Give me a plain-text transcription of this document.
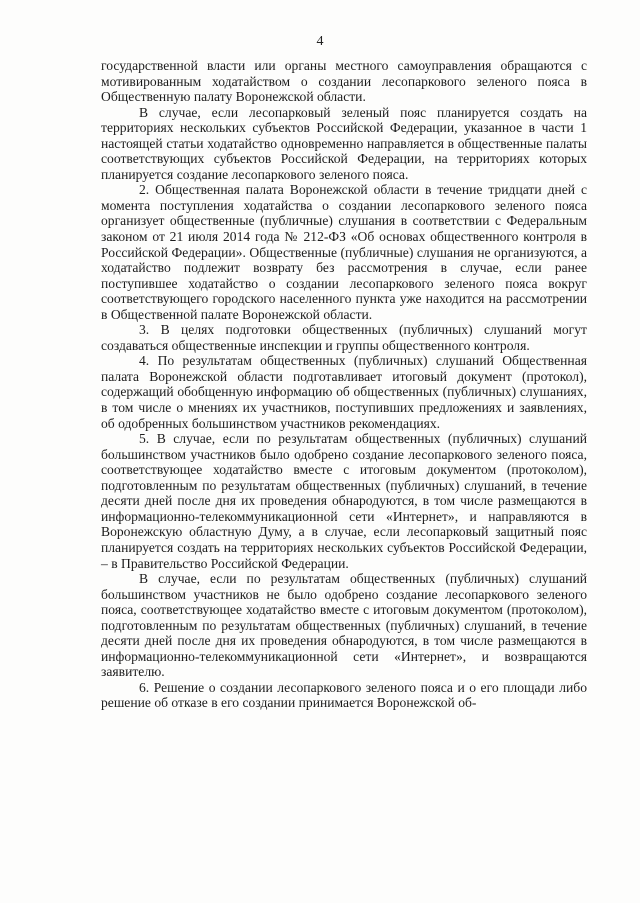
4

государственной власти или органы местного самоуправления обращаются с мотивированным ходатайством о создании лесопаркового зеленого пояса в Общественную палату Воронежской области.

В случае, если лесопарковый зеленый пояс планируется создать на территориях нескольких субъектов Российской Федерации, указанное в части 1 настоящей статьи ходатайство одновременно направляется в общественные палаты соответствующих субъектов Российской Федерации, на территориях которых планируется создание лесопаркового зеленого пояса.

2. Общественная палата Воронежской области в течение тридцати дней с момента поступления ходатайства о создании лесопаркового зеленого пояса организует общественные (публичные) слушания в соответствии с Федеральным законом от 21 июля 2014 года № 212-ФЗ «Об основах общественного контроля в Российской Федерации». Общественные (публичные) слушания не организуются, а ходатайство подлежит возврату без рассмотрения в случае, если ранее поступившее ходатайство о создании лесопаркового зеленого пояса вокруг соответствующего городского населенного пункта уже находится на рассмотрении в Общественной палате Воронежской области.

3. В целях подготовки общественных (публичных) слушаний могут создаваться общественные инспекции и группы общественного контроля.

4. По результатам общественных (публичных) слушаний Общественная палата Воронежской области подготавливает итоговый документ (протокол), содержащий обобщенную информацию об общественных (публичных) слушаниях, в том числе о мнениях их участников, поступивших предложениях и заявлениях, об одобренных большинством участников рекомендациях.

5. В случае, если по результатам общественных (публичных) слушаний большинством участников было одобрено создание лесопаркового зеленого пояса, соответствующее ходатайство вместе с итоговым документом (протоколом), подготовленным по результатам общественных (публичных) слушаний, в течение десяти дней после дня их проведения обнародуются, в том числе размещаются в информационно-телекоммуникационной сети «Интернет», и направляются в Воронежскую областную Думу, а в случае, если лесопарковый защитный пояс планируется создать на территориях нескольких субъектов Российской Федерации, – в Правительство Российской Федерации.

В случае, если по результатам общественных (публичных) слушаний большинством участников не было одобрено создание лесопаркового зеленого пояса, соответствующее ходатайство вместе с итоговым документом (протоколом), подготовленным по результатам общественных (публичных) слушаний, в течение десяти дней после дня их проведения обнародуются, в том числе размещаются в информационно-телекоммуникационной сети «Интернет», и возвращаются заявителю.

6. Решение о создании лесопаркового зеленого пояса и о его площади либо решение об отказе в его создании принимается Воронежской об-
